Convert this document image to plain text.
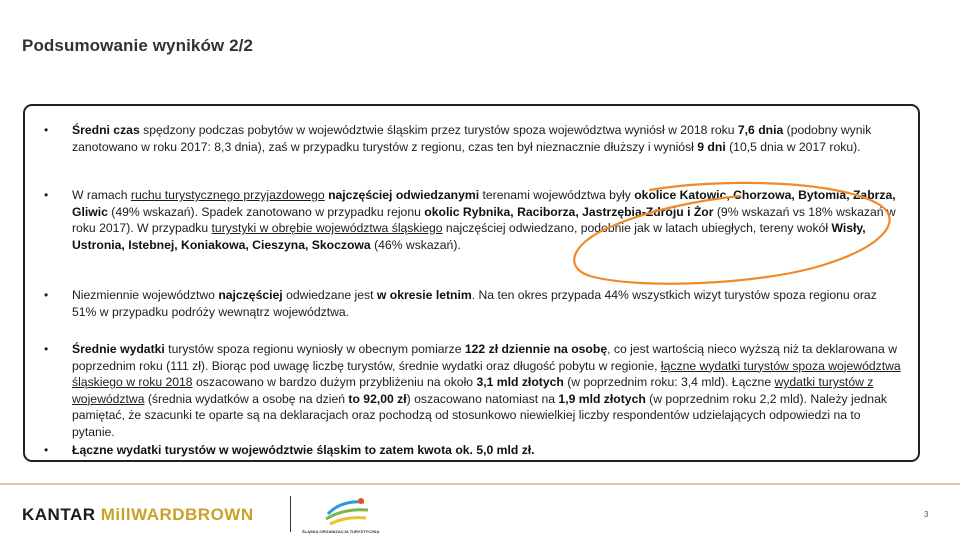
Podsumowanie wyników 2/2
• Średni czas spędzony podczas pobytów w województwie śląskim przez turystów spoza województwa wyniósł w 2018 roku 7,6 dnia (podobny wynik zanotowano w roku 2017: 8,3 dnia), zaś w przypadku turystów z regionu, czas ten był nieznacznie dłuższy i wyniósł 9 dni (10,5 dnia w 2017 roku).
• W ramach ruchu turystycznego przyjazdowego najczęściej odwiedzanymi terenami województwa były okolice Katowic, Chorzowa, Bytomia, Zabrza, Gliwic (49% wskazań). Spadek zanotowano w przypadku rejonu okolic Rybnika, Raciborza, Jastrzębia-Zdroju i Żor (9% wskazań vs 18% wskazań w roku 2017). W przypadku turystyki w obrębie województwa śląskiego najczęściej odwiedzano, podobnie jak w latach ubiegłych, tereny wokół Wisły, Ustronia, Istebnej, Koniakowa, Cieszyna, Skoczowa (46% wskazań).
• Niezmiennie województwo najczęściej odwiedzane jest w okresie letnim. Na ten okres przypada 44% wszystkich wizyt turystów spoza regionu oraz 51% w przypadku podróży wewnątrz województwa.
• Średnie wydatki turystów spoza regionu wyniosły w obecnym pomiarze 122 zł dziennie na osobę, co jest wartością nieco wyższą niż ta deklarowana w poprzednim roku (111 zł). Biorąc pod uwagę liczbę turystów, średnie wydatki oraz długość pobytu w regionie, łączne wydatki turystów spoza województwa śląskiego w roku 2018 oszacowano w bardzo dużym przybliżeniu na około 3,1 mld złotych (w poprzednim roku: 3,4 mld). Łączne wydatki turystów z województwa (średnia wydatków a osobę na dzień to 92,00 zł) oszacowano natomiast na 1,9 mld złotych (w poprzednim roku 2,2 mld). Należy jednak pamiętać, że szacunki te oparte są na deklaracjach oraz pochodzą od stosunkowo niewielkiej liczby respondentów udzielających odpowiedzi na to pytanie.
• Łączne wydatki turystów w województwie śląskim to zatem kwota ok. 5,0 mld zł.
KANTAR MillWARDBROWN
ŚLĄSKA ORGANIZACJA TURYSTYCZNA
3
